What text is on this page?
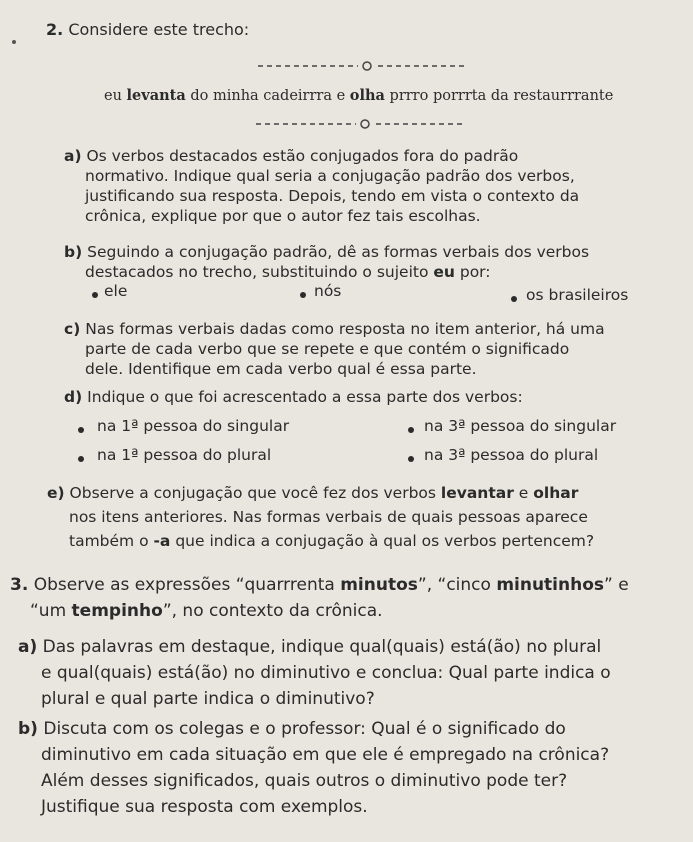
2. Considere este trecho:
eu levanta do minha cadeirrra e olha prrro porrrta da restaurrrante
a) Os verbos destacados estão conjugados fora do padrão
normativo. Indique qual seria a conjugação padrão dos verbos,
justificando sua resposta. Depois, tendo em vista o contexto da
crônica, explique por que o autor fez tais escolhas.
b) Seguindo a conjugação padrão, dê as formas verbais dos verbos
destacados no trecho, substituindo o sujeito eu por:
ele	nós	os brasileiros
c) Nas formas verbais dadas como resposta no item anterior, há uma
parte de cada verbo que se repete e que contém o significado
dele. Identifique em cada verbo qual é essa parte.
d) Indique o que foi acrescentado a essa parte dos verbos:
na 1ª pessoa do singular	na 3ª pessoa do singular
na 1ª pessoa do plural	na 3ª pessoa do plural
e) Observe a conjugação que você fez dos verbos levantar e olhar
nos itens anteriores. Nas formas verbais de quais pessoas aparece
também o -a que indica a conjugação à qual os verbos pertencem?
3. Observe as expressões “quarrrenta minutos”, “cinco minutinhos” e
“um tempinho”, no contexto da crônica.
a) Das palavras em destaque, indique qual(quais) está(ão) no plural
e qual(quais) está(ão) no diminutivo e conclua: Qual parte indica o
plural e qual parte indica o diminutivo?
b) Discuta com os colegas e o professor: Qual é o significado do
diminutivo em cada situação em que ele é empregado na crônica?
Além desses significados, quais outros o diminutivo pode ter?
Justifique sua resposta com exemplos.
